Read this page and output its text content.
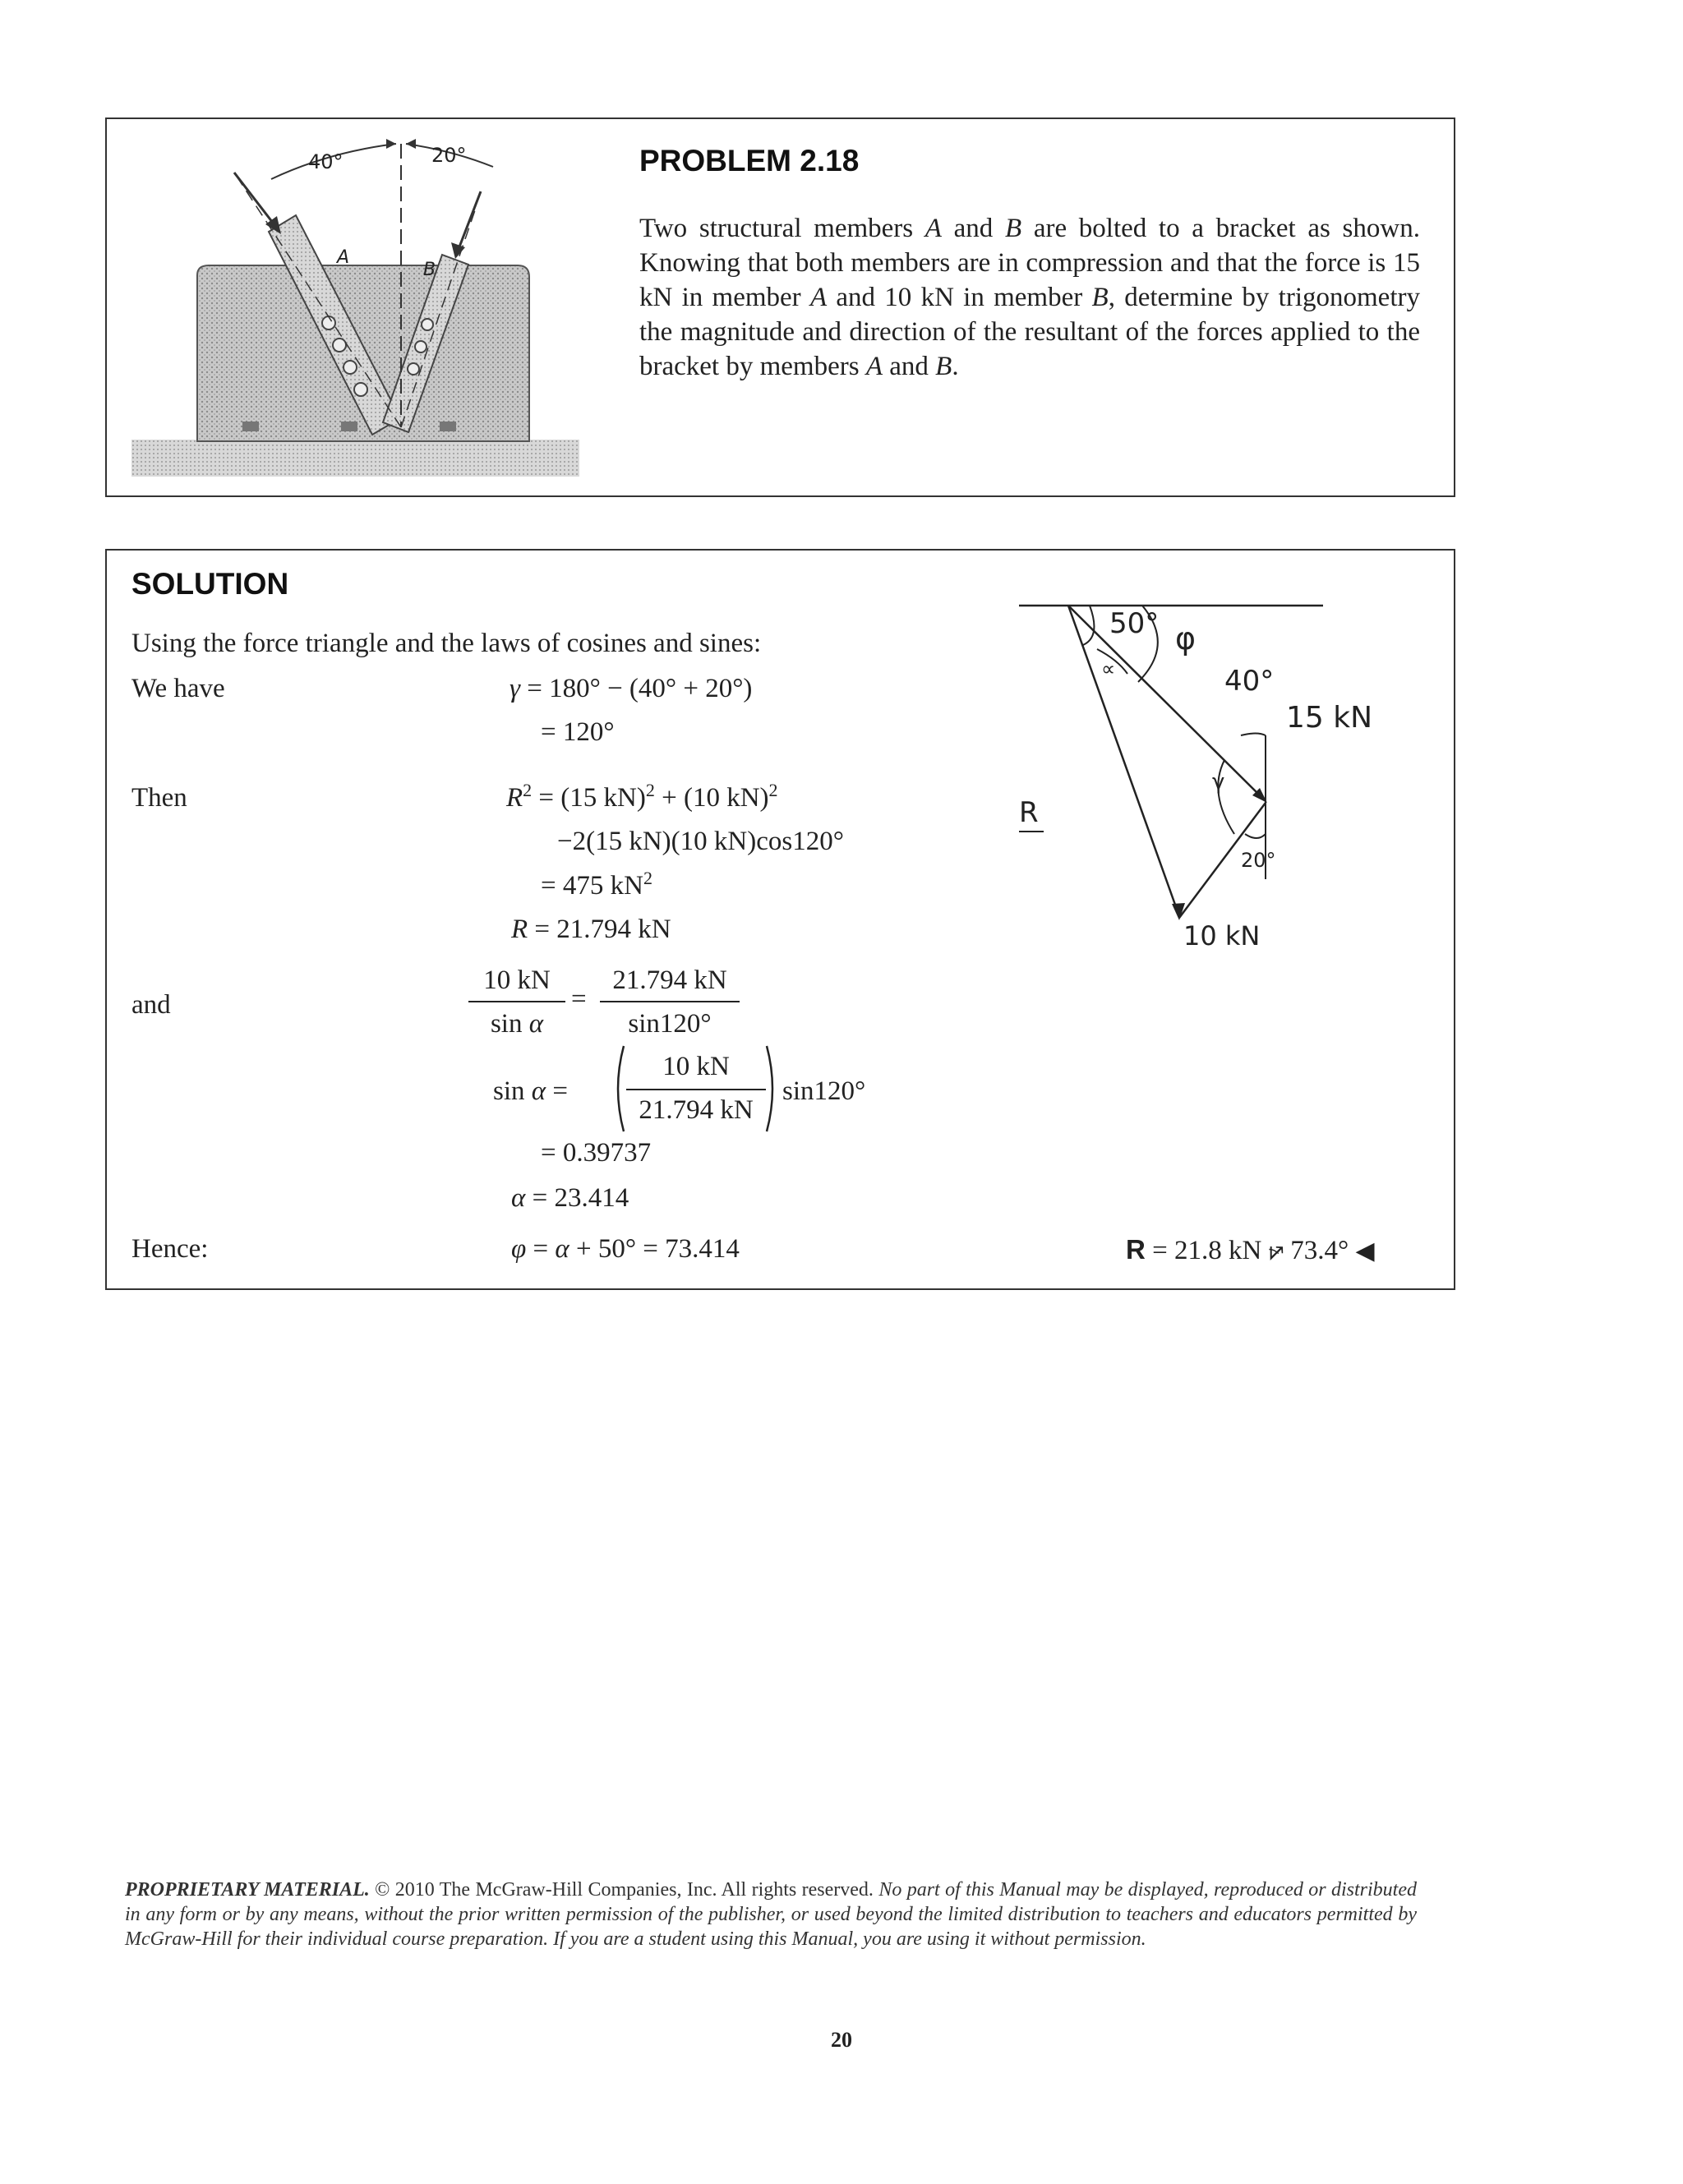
40°	20°
A
B
PROBLEM 2.18
Two structural members A and B are bolted to a bracket as shown. Knowing that both members are in compression and that the force is 15 kN in member A and 10 kN in member B, determine by trigonometry the magnitude and direction of the resultant of the forces applied to the bracket by members A and B.
SOLUTION
Using the force triangle and the laws of cosines and sines:
We have	γ = 180° − (40° + 20°)
= 120°
Then	$R^2 = (15$ kN)$^2$ + (10 kN)$^2$
−2(15 kN)(10 kN)cos120°
= 475 $kN^2$
R = 21.794 kN
and
10 kN
sin α
=
21.794 kN
sin120°
sin α =
10 kN
21.794 kN
sin120°
= 0.39737
α = 23.414
Hence:	φ = α + 50° = 73.414	R = 21.8 kN ⦬ 73.4° ◀
50° φ
40°
15 kN
∝
γ
R
20°
10 kN
PROPRIETARY MATERIAL. © 2010 The McGraw-Hill Companies, Inc. All rights reserved. No part of this Manual may be displayed, reproduced or distributed in any form or by any means, without the prior written permission of the publisher, or used beyond the limited distribution to teachers and educators permitted by McGraw-Hill for their individual course preparation. If you are a student using this Manual, you are using it without permission.
20
